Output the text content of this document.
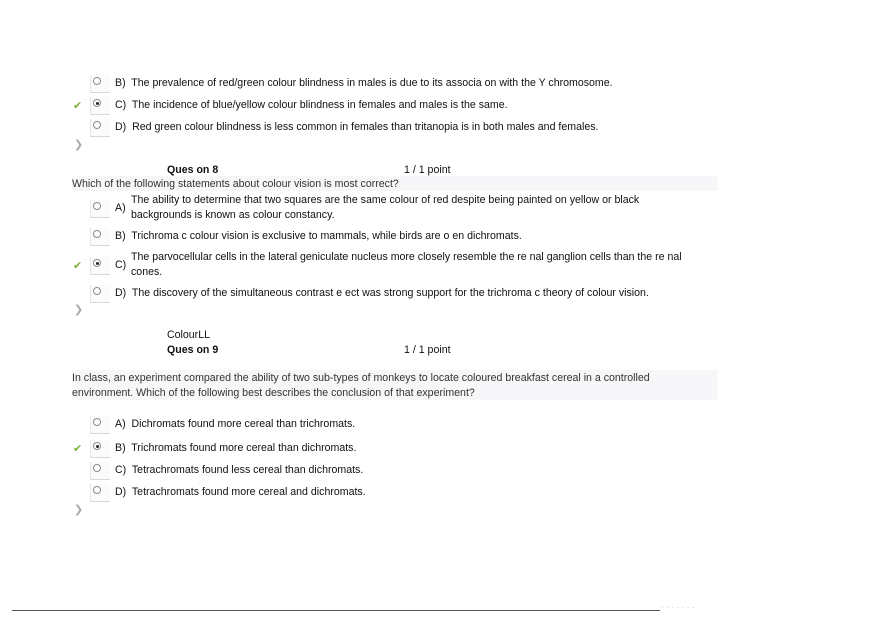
B) The prevalence of red/green colour blindness in males is due to its associa on with the Y chromosome.
✔	C) The incidence of blue/yellow colour blindness in females and males is the same.
D) Red green colour blindness is less common in females than tritanopia is in both males and females.
❯
Ques on 8	1 / 1 point
Which of the following statements about colour vision is most correct?
A)
The ability to determine that two squares are the same colour of red despite being painted on yellow or black backgrounds is known as colour constancy.
B) Trichroma c colour vision is exclusive to mammals, while birds are o en dichromats.
✔	C)
The parvocellular cells in the lateral geniculate nucleus more closely resemble the re nal ganglion cells than the re nal cones.
D) The discovery of the simultaneous contrast e ect was strong support for the trichroma c theory of colour vision.
❯
ColourLL
Ques on 9	1 / 1 point
In class, an experiment compared the ability of two sub-types of monkeys to locate coloured breakfast cereal in a controlled environment. Which of the following best describes the conclusion of that experiment?
A) Dichromats found more cereal than trichromats.
✔	B) Trichromats found more cereal than dichromats.
C) Tetrachromats found less cereal than dichromats.
D) Tetrachromats found more cereal and dichromats.
❯
· · · · · · ·
